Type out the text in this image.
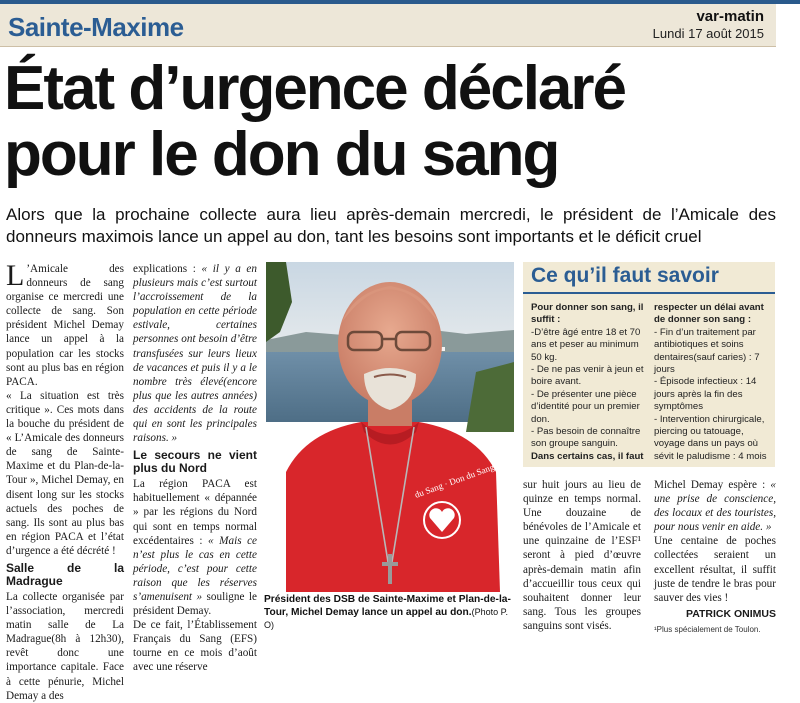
Sainte-Maxime	var-matin
Lundi 17 août 2015
État d’urgence déclaré
pour le don du sang
Alors que la prochaine collecte aura lieu après-demain mercredi, le président de l’Amicale des donneurs maximois lance un appel au don, tant les besoins sont importants et le déficit cruel

L ’Amicale des donneurs de sang organise ce mercredi une collecte de sang. Son président Michel Demay lance un appel à la population car les stocks sont au plus bas en région PACA.

« La situation est très critique ». Ces mots dans la bouche du président de « L’Amicale des donneurs de sang de Sainte-Maxime et du Plan-de-la-Tour », Michel Demay, en disent long sur les stocks actuels des poches de sang. Ils sont au plus bas en région PACA et l’état d’urgence a été décrété !

Salle de la Madrague

La collecte organisée par l’association, mercredi matin salle de La Madrague(8h à 12h30), revêt donc une importance capitale. Face à cette pénurie, Michel Demay a des

explications : « il y a en plusieurs mais c’est surtout l’accroissement de la population en cette période estivale, certaines personnes ont besoin d’être transfusées sur leurs lieux de vacances et puis il y a le nombre très élevé(encore plus que les autres années) des accidents de la route qui en sont les principales raisons. »

Le secours ne vient plus du Nord

La région PACA est habituellement « dépannée » par les régions du Nord qui sont en temps normal excédentaires : « Mais ce n’est plus le cas en cette période, c’est pour cette raison que les réserves s’amenuisent » souligne le président Demay.

De ce fait, l’Établissement Français du Sang (EFS) tourne en ce mois d’août avec une réserve

du Sang · Don du Sang
Président des DSB de Sainte-Maxime et Plan-de-la-Tour, Michel Demay lance un appel au don.(Photo P. O)
Ce qu’il faut savoir

Pour donner son sang, il suffit :

-D’être âgé entre 18 et 70 ans et peser au minimum 50 kg.

- De ne pas venir à jeun et boire avant.

- De présenter une pièce d’identité pour un premier don.

- Pas besoin de connaître son groupe sanguin.

Dans certains cas, il faut

respecter un délai avant de donner son sang :

- Fin d’un traitement par antibiotiques et soins dentaires(sauf caries) : 7 jours

- Épisode infectieux : 14 jours après la fin des symptômes

- Intervention chirurgicale, piercing ou tatouage, voyage dans un pays où sévit le paludisme : 4 mois

sur huit jours au lieu de quinze en temps normal. Une douzaine de bénévoles de l’Amicale et une quinzaine de l’ESF¹ seront à pied d’œuvre après-demain matin afin d’accueillir tous ceux qui souhaitent donner leur sang. Tous les groupes sanguins sont visés.

Michel Demay espère : « une prise de conscience, des locaux et des touristes, pour nous venir en aide. »

Une centaine de poches collectées seraient un excellent résultat, il suffit juste de tendre le bras pour sauver des vies !

PATRICK ONIMUS
¹Plus spécialement de Toulon.
